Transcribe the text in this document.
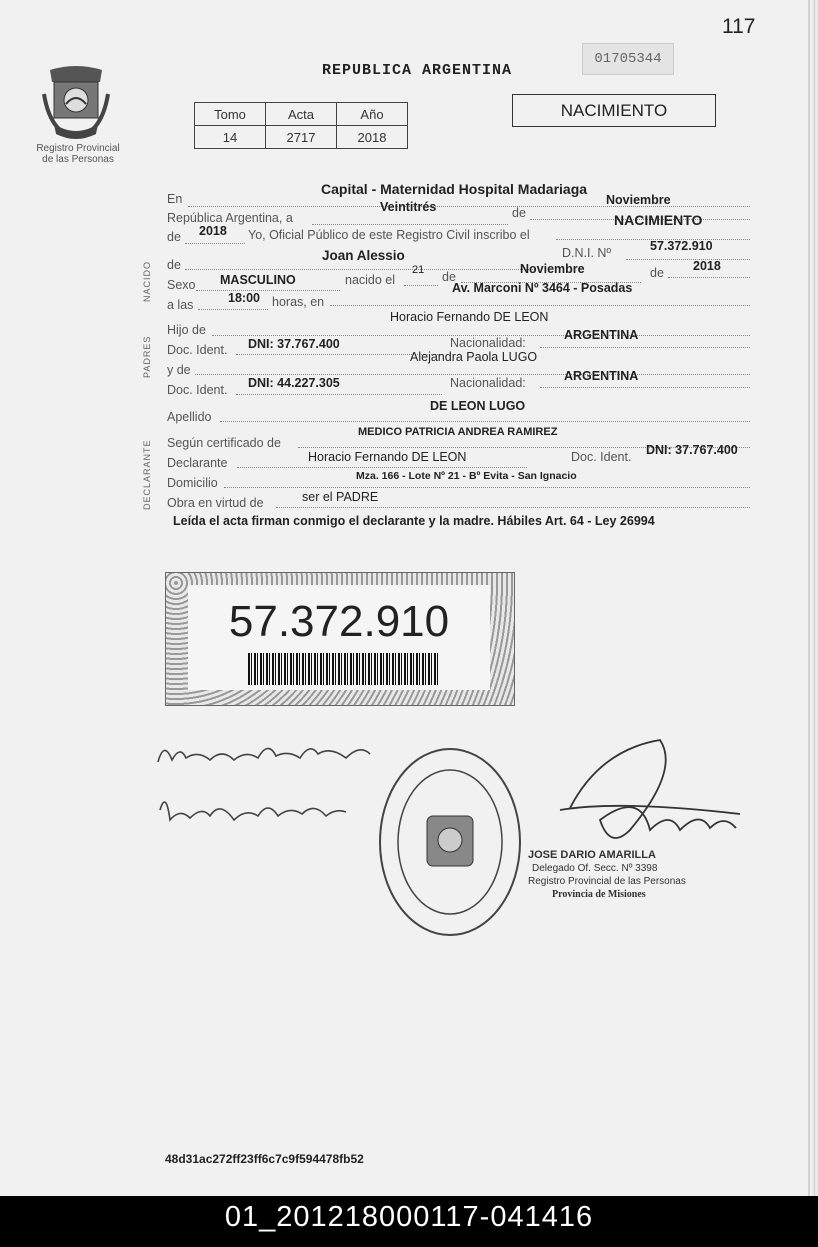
117
Registro Provincial de las Personas
REPUBLICA ARGENTINA
01705344
Tomo	Acta	Año
14	2717	2018
NACIMIENTO
NACIDO
PADRES
DECLARANTE
En
Capital - Maternidad Hospital Madariaga
República Argentina, a
Veintitrés	de
Noviembre
de 2018 Yo, Oficial Público de este Registro Civil inscribo el
NACIMIENTO
de
Joan Alessio	D.N.I. Nº	57.372.910
Sexo MASCULINO	nacido el
21 de
Noviembre	de 2018
a las	18:00 horas, en
Av. Marconi Nº 3464 - Posadas
Hijo de
Horacio Fernando DE LEON
Doc. Ident. DNI: 37.767.400	Nacionalidad:
ARGENTINA
y de
Alejandra Paola LUGO
Doc. Ident. DNI: 44.227.305	Nacionalidad:	ARGENTINA
Apellido
DE LEON LUGO
Según certificado de
MEDICO PATRICIA ANDREA RAMIREZ
Declarante	Horacio Fernando DE LEON	Doc. Ident. DNI: 37.767.400
Domicilio	Mza. 166 - Lote Nº 21 - Bº Evita - San Ignacio
Obra en virtud de	ser el PADRE
Leída el acta firman conmigo el declarante y la madre. Hábiles Art. 64 - Ley 26994
57.372.910
JOSE DARIO AMARILLA
Delegado Of. Secc. Nº 3398
Registro Provincial de las Personas
Provincia de Misiones
48d31ac272ff23ff6c7c9f594478fb52
01_201218000117-041416
